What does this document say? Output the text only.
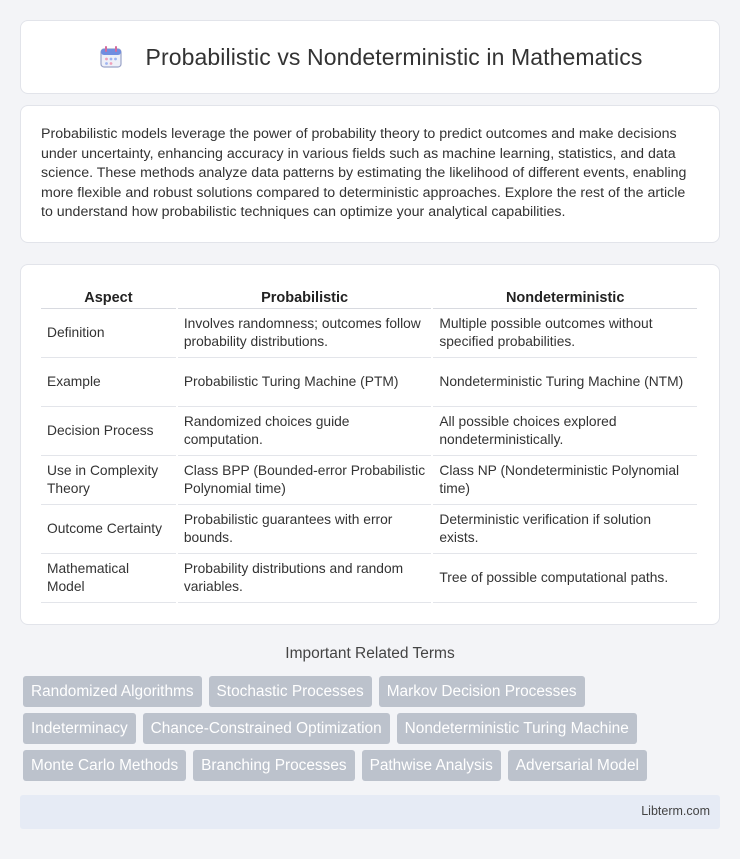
Probabilistic vs Nondeterministic in Mathematics

Probabilistic models leverage the power of probability theory to predict outcomes and make decisions under uncertainty, enhancing accuracy in various fields such as machine learning, statistics, and data science. These methods analyze data patterns by estimating the likelihood of different events, enabling more flexible and robust solutions compared to deterministic approaches. Explore the rest of the article to understand how probabilistic techniques can optimize your analytical capabilities.

Aspect	Probabilistic	Nondeterministic
Definition	Involves randomness; outcomes follow probability distributions.	Multiple possible outcomes without specified probabilities.
Example	Probabilistic Turing Machine (PTM)	Nondeterministic Turing Machine (NTM)
Decision Process	Randomized choices guide computation.	All possible choices explored nondeterministically.
Use in Complexity Theory	Class BPP (Bounded-error Probabilistic Polynomial time)	Class NP (Nondeterministic Polynomial time)
Outcome Certainty	Probabilistic guarantees with error bounds.	Deterministic verification if solution exists.
Mathematical Model	Probability distributions and random variables.	Tree of possible computational paths.
Important Related Terms
Randomized Algorithms	Stochastic Processes	Markov Decision Processes
Indeterminacy	Chance-Constrained Optimization	Nondeterministic Turing Machine
Monte Carlo Methods	Branching Processes	Pathwise Analysis	Adversarial Model
Libterm.com
